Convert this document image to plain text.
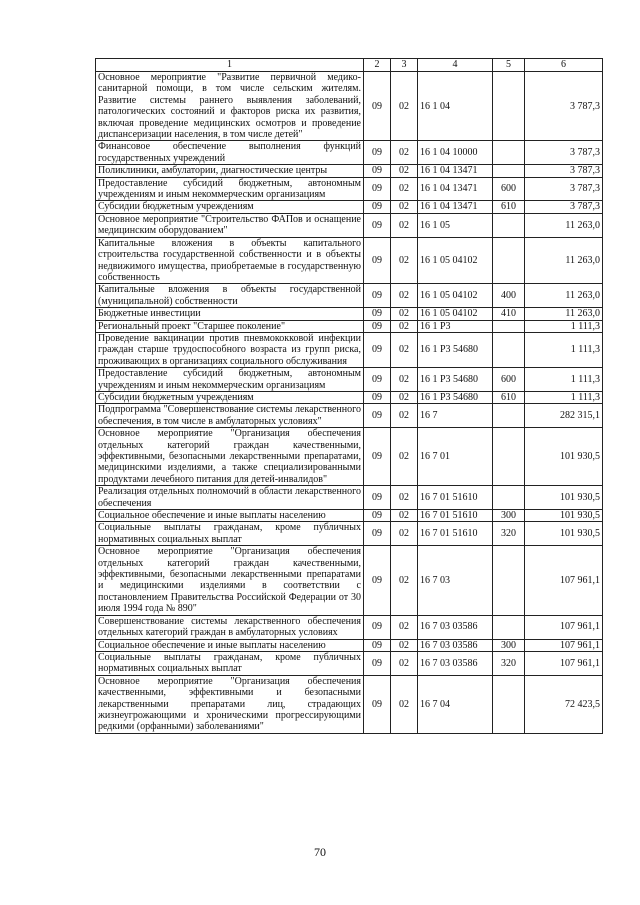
1	2	3	4	5	6
Основное мероприятие "Развитие первичной медико-санитарной помощи, в том числе сельским жителям. Развитие системы раннего выявления заболеваний, патологических состояний и факторов риска их развития, включая проведение медицинских осмотров и проведение диспансеризации населения, в том числе детей"	09	02	16 1 04		3 787,3
Финансовое обеспечение выполнения функций государственных учреждений	09	02	16 1 04 10000		3 787,3
Поликлиники, амбулатории, диагностические центры	09	02	16 1 04 13471		3 787,3
Предоставление субсидий бюджетным, автономным учреждениям и иным некоммерческим организациям	09	02	16 1 04 13471	600	3 787,3
Субсидии бюджетным учреждениям	09	02	16 1 04 13471	610	3 787,3
Основное мероприятие "Строительство ФАПов и оснащение медицинским оборудованием"	09	02	16 1 05		11 263,0
Капитальные вложения в объекты капитального строительства государственной собственности и в объекты недвижимого имущества, приобретаемые в государственную собственность	09	02	16 1 05 04102		11 263,0
Капитальные вложения в объекты государственной (муниципальной) собственности	09	02	16 1 05 04102	400	11 263,0
Бюджетные инвестиции	09	02	16 1 05 04102	410	11 263,0
Региональный проект "Старшее поколение"	09	02	16 1 P3		1 111,3
Проведение вакцинации против пневмококковой инфекции граждан старше трудоспособного возраста из групп риска, проживающих в организациях социального обслуживания	09	02	16 1 P3 54680		1 111,3
Предоставление субсидий бюджетным, автономным учреждениям и иным некоммерческим организациям	09	02	16 1 P3 54680	600	1 111,3
Субсидии бюджетным учреждениям	09	02	16 1 P3 54680	610	1 111,3
Подпрограмма "Совершенствование системы лекарственного обеспечения, в том числе в амбулаторных условиях"	09	02	16 7		282 315,1
Основное мероприятие "Организация обеспечения отдельных категорий граждан качественными, эффективными, безопасными лекарственными препаратами, медицинскими изделиями, а также специализированными продуктами лечебного питания для детей-инвалидов"	09	02	16 7 01		101 930,5
Реализация отдельных полномочий в области лекарственного обеспечения	09	02	16 7 01 51610		101 930,5
Социальное обеспечение и иные выплаты населению	09	02	16 7 01 51610	300	101 930,5
Социальные выплаты гражданам, кроме публичных нормативных социальных выплат	09	02	16 7 01 51610	320	101 930,5
Основное мероприятие "Организация обеспечения отдельных категорий граждан качественными, эффективными, безопасными лекарственными препаратами и медицинскими изделиями в соответствии с постановлением Правительства Российской Федерации от 30 июля 1994 года № 890"	09	02	16 7 03		107 961,1
Совершенствование системы лекарственного обеспечения отдельных категорий граждан в амбулаторных условиях	09	02	16 7 03 03586		107 961,1
Социальное обеспечение и иные выплаты населению	09	02	16 7 03 03586	300	107 961,1
Социальные выплаты гражданам, кроме публичных нормативных социальных выплат	09	02	16 7 03 03586	320	107 961,1
Основное мероприятие "Организация обеспечения качественными, эффективными и безопасными лекарственными препаратами лиц, страдающих жизнеугрожающими и хроническими прогрессирующими редкими (орфанными) заболеваниями"	09	02	16 7 04		72 423,5
70
